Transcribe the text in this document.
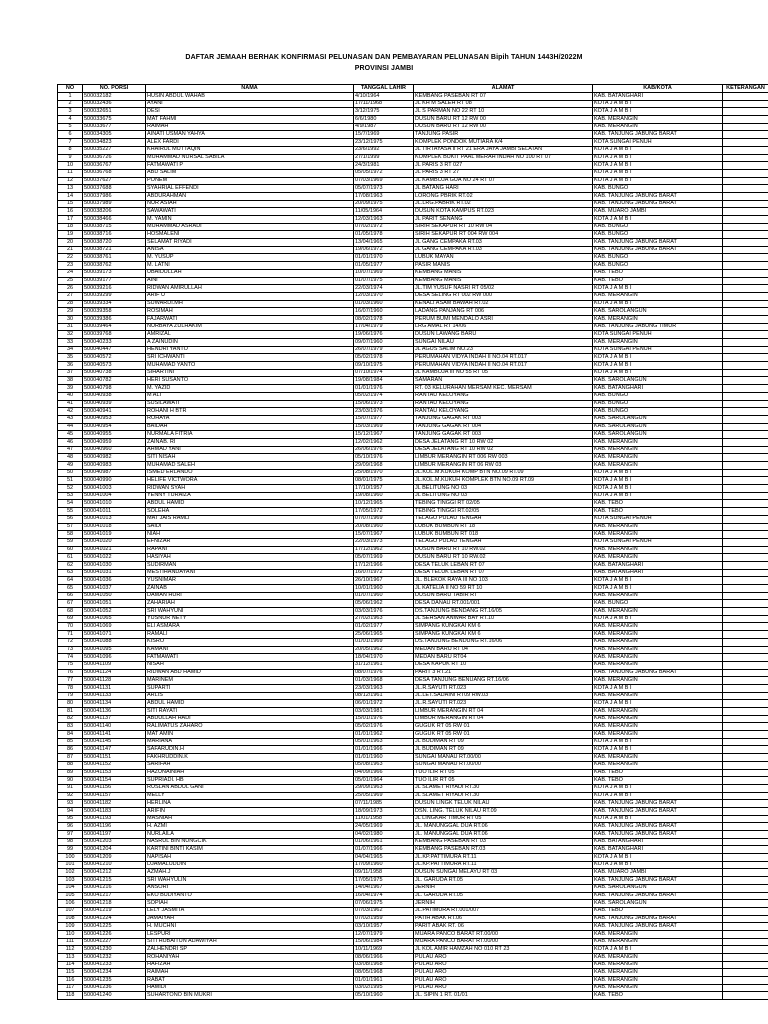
DAFTAR JEMAAH BERHAK KONFIRMASI PELUNASAN DAN PEMBAYARAN PELUNASAN Bipih TAHUN 1443H/2022M
PROVINSI JAMBI
NO	NO. PORSI	NAMA	TANGGAL LAHIR	ALAMAT	KAB/KOTA	KETERANGAN
1	500032182	HUSIN ABDUL WAHAB	4/10/1964	KEMBANG PASEBAN RT 07	KAB. BATANGHARI	
2	500032436	AYANI	17/11/1968	JL KH M SALEH RT 08	KOTA J A M B I	
3	500032651	DESI	3/12/1975	JL S PARMAN NO 22 RT 10	KOTA J A M B I	
4	500033675	MAT FAHMI	6/6/1980	DUSUN BARU RT 12 RW 00	KAB. MERANGIN	
5	500033677	RAIMAH	4/9/1987	DUSUN BARU RT 12 RW 00	KAB. MERANGIN	
6	500034305	AINATI USMAN YAHYA	15/7/1969	TANJUNG PASIR	KAB. TANJUNG JABUNG BARAT	
7	500034823	ALEX FARDI	23/12/1975	KOMPLEK PONDOK MUTIARA K/4	KOTA SUNGAI PENUH	
8	500035227	KHAIRUL MUTTAQIN	23/6/1992	JL TIRTAYASA II RT 21 ERA JAYA JAMBI SELATAN	KOTA J A M B I	
9	500036726	MUHAMMAD NURSAL SABILA	27/1/1999	KOMPLEK BUKIT PAAL MERAH INDAH NO 100 RT 07	KOTA J A M B I	
10	500036767	FATMAWATI P	24/3/1981	JL PARIS 3 RT 027	KOTA J A M B I	
11	500036768	ABD SALIM	05/05/1972	JL PARIS 3 RT 27	KOTA J A M B I	
12	500037627	PONEM	07/03/1969	JL KAMBOJA GUA NO 24 RT 07	KOTA J A M B I	
13	500037688	SYAHRIAL EFFENDI	05/07/1973	JL BATANG HARI	KAB. BUNGO	
14	500037986	ABDURAHMAN	17/08/1963	LORONG PBRIK RT.02	KAB. TANJUNG JABUNG BARAT	
15	500037989	NUR ASIAH	20/09/1975	JL.LRG.PABRIK RT.02	KAB. TANJUNG JABUNG BARAT	
16	500038206	SAWAWATI	11/05/1964	DUSUN KOTA KAMPUS RT.023	KAB. MUARO JAMBI	
17	500038466	M. YAMIN	12/03/1963	JL PARIT SENANG	KOTA J A M B I	
18	500038715	MUHAMMAD ASRADI	07/02/1972	SIRIH SEKAPUR RT 10 RW 04	KAB. BUNGO	
19	500038716	HOSMALENI	01/05/1978	SIRIH SEKAPUR RT 004 RW 004	KAB. BUNGO	
20	500038720	SELAMAT RIYADI	13/04/1965	JL GANG CEMPAKA RT.03	KAB. TANJUNG JABUNG BARAT	
21	500038721	ANISA	19/06/1972	JL GANG CEMPAKA RT.03	KAB. TANJUNG JABUNG BARAT	
22	500038761	M. YUSUP	01/01/1970	LUBUK MAYAN	KAB. BUNGO	
23	500038762	M. LATNI	01/05/1977	PASIR MANIS	KAB. BUNGO	
24	500039173	UBAIDULLAH	10/07/1969	KEMBANG MANIS	KAB. TEBO	
25	500039177	AINI	01/07/1975	KEMBANG MANIS	KAB. TEBO	
26	500039216	RIDWAN AMIRULLAH	22/03/1974	JL.TIM YUSUF NASRI RT 05/02	KOTA J A M B I	
27	500039299	ARIF U	12/03/1970	DESA SELING RT 002 RW 000	KAB. MERANGIN	
28	500039334	SUWARDI.MH	01/03/1960	KENALI ASAM BAWAH RT.02	KOTA J A M B I	
29	500039358	ROSIMAH	16/07/1960	LADANG PANJANG RT 006	KAB. SAROLANGUN	
30	500039386	FAJARWATI	08/02/1978	PERUM BUMI MENDALO ASRI	KAB. MERANGIN	
31	500039464	NURBAYA ZULHAKIM	17/04/1979	LRG AMAL RT 14/06	KAB. TANJUNG JABUNG TIMUR	
32	500039768	AMRIZAL	19/06/1976	DUSUN LAWANG BARU	KOTA SUNGAI PENUH	
33	500040233	A ZAINUDIN	09/07/1960	SUNGAI NILAU	KAB. MERANGIN	
34	500040447	HENDRI YANTO	26/07/1979	JL AGUS SALIM NO.23	KOTA SUNGAI PENUH	
35	500040572	SRI ICHWANTI	05/02/1978	PERUMAHAN VIDYA INDAH II NO.04 RT.017	KOTA J A M B I	
36	500040573	MUHAMAD YANTO	09/10/1975	PERUMAHAN VIDYA INDAH II NO.04 RT.017	KOTA J A M B I	
37	500040738	SIHARTINI	07/10/1974	JL KAMBOJA III NO 55 RT 05	KOTA J A M B I	
38	500040782	HERI SUSANTO	19/08/1984	SAMARAN	KAB. SAROLANGUN	
39	500040798	M. YAZID	01/01/1976	RT. 03 KELURAHAN MERSAM KEC. MERSAM	KAB. BATANGHARI	
40	500040938	M ALI	05/02/1974	RANTAU KELOYANG	KAB. BUNGO	
41	500040939	SUSILAWATI	15/06/1973	RANTAU KELOYANG	KAB. BUNGO	
42	500040941	ROHANI H BTR	23/03/1976	RANTAU KELOYANG	KAB. BUNGO	
43	500040953	ROHAYA	15/07/1977	TANJUNG GAGAK RT 003	KAB. SAROLANGUN	
44	500040954	BAIDAH	15/03/1969	TANJUNG GAGAK RT 004	KAB. SAROLANGUN	
45	500040955	NURMALA FITRIA	15/12/1967	TANJUNG GAGAK RT 003	KAB. SAROLANGUN	
46	500040959	ZAINAB. RI	12/02/1962	DESA JELATANG RT 10 RW 02	KAB. MERANGIN	
47	500040960	AHMAD YANI	26/06/1976	DESA JELATANG RT 10 RW 02	KAB. MERANGIN	
48	500040982	SITI NISAH	05/10/1976	LIMBUR MERANGIN RT 006 RW 003	KAB. MERANGIN	
49	500040983	MUHAMAD SALEH	29/09/1968	LIMBUR MERANGIN RT 06 RW 03	KAB. MERANGIN	
50	500040987	ISMED ERLANDO	25/08/1970	JL.KOL.M.KUKUH KOMP BTN NO.09 RT.09	KOTA J A M B I	
51	500040990	HELIFE VICTWORA	08/01/1975	JL.KOL.M.KUKUH KOMPLEK BTN NO.09 RT.09	KOTA J A M B I	
52	500041003	RIDWAN SYAH	17/10/1957	JL BELITUNG NO 03	KOTA J A M B I	
53	500041004	YENNY TURAIZA	19/08/1960	JL BELITUNG NO 03	KOTA J A M B I	
54	500041010	ABDUL HAMID	10/12/1965	TEBING TINGGI RT 02/05	KAB. TEBO	
55	500041011	SOLEHA	17/05/1972	TEBING TINGGI RT.02/05	KAB. TEBO	
56	500041013	MAT JAIS RAMLI	07/07/1969	TELAGO PULAU TENGAH	KOTA SUNGAI PENUH	
57	500041018	SAIDI	20/08/1960	LUBUK BUMBUN RT 18	KAB. MERANGIN	
58	500041019	NIAH	15/07/1967	LUBUK BUMBUN RT 018	KAB. MERANGIN	
59	500041020	EFNIZAR	22/03/1973	TELAGO PULAU TENGAH	KOTA SUNGAI PENUH	
60	500041021	RAPANI	17/12/1962	DUSUN BARU RT 10 RW.02	KAB. MERANGIN	
61	500041022	HASIYAH	05/07/1969	DUSUN BARU RT 10 RW.02	KAB. MERANGIN	
62	500041030	SUDIRMAN	17/12/1966	DESA TELUK LEBAN RT 07	KAB. BATANGHARI	
63	500041031	MESTIHANDAYANI	16/07/1972	DESA TELUK LEBAN RT 07	KAB. BATANGHARI	
64	500041036	YUSNIMAR	26/10/1967	JL. BLEKOK RAYA III NO 103	KOTA J A M B I	
65	500041037	ZAINAB	10/01/1960	JL KATELIA II NO 59 RT 10	KOTA J A M B I	
66	500041050	DAMAN HURI	01/07/1960	DUSUN BARU TABIR RT	KAB. MERANGIN	
67	500041051	ZAHARIAH	05/06/1962	DESA DANAU RT.001/001	KAB. BUNGO	
68	500041052	SRI WAHYUNI	03/03/1976	DS.TANJUNG BENDANG RT.16/05	KAB. MERANGIN	
69	500041065	YUSNUR NETY	27/02/1963	JL SEHSAN ANWAR BAY RT.10	KOTA J A M B I	
70	500041069	ELI ASMARA	01/02/1977	SIMPANG KUNGKAI KM 6	KAB. MERANGIN	
71	500041071	RAMALI	25/06/1965	SIMPANG KUNGKAI KM 6	KAB. MERANGIN	
72	500041088	KISRO	01/01/1969	DS.TANJUNG BENDUNG RT.16/06	KAB. MERANGIN	
73	500041095	KAMANI	20/05/1962	MEDAN BARU RT 04	KAB. MERANGIN	
74	500041096	FATMAWATI	18/04/1970	MEDAN BARU RT04	KAB. MERANGIN	
75	500041109	NISAH	31/12/1961	DESA KAPUK RT 10	KAB. MERANGIN	
76	500041124	RIDWAN ABD HAMID	08/07/1976	PARIT 3 RT.21	KAB. TANJUNG JABUNG BARAT	
77	500041128	MARINEM	01/03/1968	DESA TANJUNG BENUANG RT.16/06	KAB. MERANGIN	
78	500041131	SUPARTI	23/03/1963	JL.R.SAYUTI RT.023	KOTA J A M B I	
79	500041133	ARLIS	08/12/1961	JL.LET.SADAINI RT09 RW.03	KAB. MERANGIN	
80	500041134	ABDUL HAMID	06/01/1972	JL.R.SAYUTI RT.023	KOTA J A M B I	
81	500041136	SITI RAYATI	03/03/1981	LIMBUR MERANGIN RT 04	KAB. MERANGIN	
82	500041137	ABDULLAH HADI	15/01/1976	LIMBUR MERANGIN RT 04	KAB. MERANGIN	
83	500041140	RALIMATUS ZAHARO	05/02/1976	GUGUK RT 05 RW 01	KAB. MERANGIN	
84	500041141	MAT AMIN	01/01/1962	GUGUK RT 05 RW 01	KAB. MERANGIN	
85	500041145	MARIANA	05/01/1963	JL BUDIMAN RT 09	KOTA J A M B I	
86	500041147	SAFARUDIN.H	01/01/1966	JL BUDIMAN RT 09	KOTA J A M B I	
87	500041151	FAKHRUDDIN.K	01/01/1960	SUNGAI MANAU RT.00/00	KAB. MERANGIN	
88	500041152	SARIFAH	05/08/1963	SUNGAI MANAU RT.00/00	KAB. MERANGIN	
89	500041153	HAZUNAINIAH	04/09/1966	TUO ILIR RT 05	KAB. TEBO	
90	500041154	SUPRIADI. HB	05/01/1964	TUO ILIR RT 05	KAB. TEBO	
91	500041156	RUSLAN ABDUL GANI	29/09/1963	JL SLAMET RIYADI RT.30	KOTA J A M B I	
92	500041157	MELLY	25/05/1969	JL SLAMET RIYADI RT.30	KOTA J A M B I	
93	500041182	HERLINA	07/11/1985	DUSUN LINGK TELUK NILAU	KAB. TANJUNG JABUNG BARAT	
94	500041183	ARIFIN	18/09/1973	DSN. LING. TELUK NILAU RT.09	KAB. TANJUNG JABUNG BARAT	
95	500041193	MASNIAH	11/01/1958	JL LINGKAR TIMUR RT 05	KOTA J A M B I	
96	500041196	H. AZMI	24/05/1969	JL. MANUNGGAL DUA RT.06	KAB. TANJUNG JABUNG BARAT	
97	500041197	NURLAILA	04/02/1980	JL. MANUNGGAL DUA RT.06	KAB. TANJUNG JABUNG BARAT	
98	500041203	NASRUL BIN NUNGCIK	01/06/1961	KEMBANG PASEBAN RT 03	KAB. BATANGHARI	
99	500041204	KARTINI BINTI KASIM	01/07/1966	KEMBANG PASEBAN RT.03	KAB. BATANGHARI	
100	500041209	NAPISAH	04/04/1965	JL.KP.PATTIMURA RT.11	KOTA J A M B I	
101	500041210	DJAMALUDDIN	17/09/1960	JL.KP.PATTIMURA RT.11	KOTA J A M B I	
102	500041212	AZMAH.J	09/11/1958	DUSUN SUNGAI MELAYU RT 03	KAB. MUARO JAMBI	
103	500041215	SRI WAHYULIN	17/05/1975	JL. GARUDA RT.05	KAB. TANJUNG JABUNG BARAT	
104	500041216	ANSORI	14/04/1967	JERNIH	KAB. SAROLANGUN	
105	500041217	EKO BUDIYANTO	16/04/1974	JL. GARUDA RT.05	KAB. TANJUNG JABUNG BARAT	
106	500041218	SOPIAH	07/06/1975	JERNIH	KAB. SAROLANGUN	
107	500041219	LELY JASMITA	07/03/1962	JL.PATIMURA RT.001/007	KAB. TEBO	
108	500041224	JAMAIYAH	07/02/1959	PATIH ABAK RT.06	KAB. TANJUNG JABUNG BARAT	
109	500041225	H. MUCHNI	03/10/1957	PARIT ABAK RT. 06	KAB. TANJUNG JABUNG BARAT	
110	500041226	LESPURI	12/07/1979	MUARA PANCO BARAT RT.00/00	KAB. MERANGIN	
111	500041227	SITI HUBAITUN ADAWIYAH	15/06/1984	MUARA PANCO BARAT RT.00/00	KAB. MERANGIN	
112	500041230	ZALHENDRI SP	10/11/1969	JL KOL AMIR HAMZAH NO 010 RT 23	KOTA J A M B I	
113	500041232	ROHANIYAH	08/06/1966	PULAU ARO	KAB. MERANGIN	
114	500041233	HAFIZAH	03/08/1968	PULAU ARO	KAB. MERANGIN	
115	500041234	RAIMAH	08/05/1968	PULAU ARO	KAB. MERANGIN	
116	500041235	RABAT	01/01/1961	PULAU ARO	KAB. MERANGIN	
117	500041236	HAMIDI	03/02/1995	PULAU ARO	KAB. MERANGIN	
118	500041240	SUHARTONO BIN MUKRI	05/10/1960	JL. SIPIN 1 RT. 01/01	KAB. TEBO	
